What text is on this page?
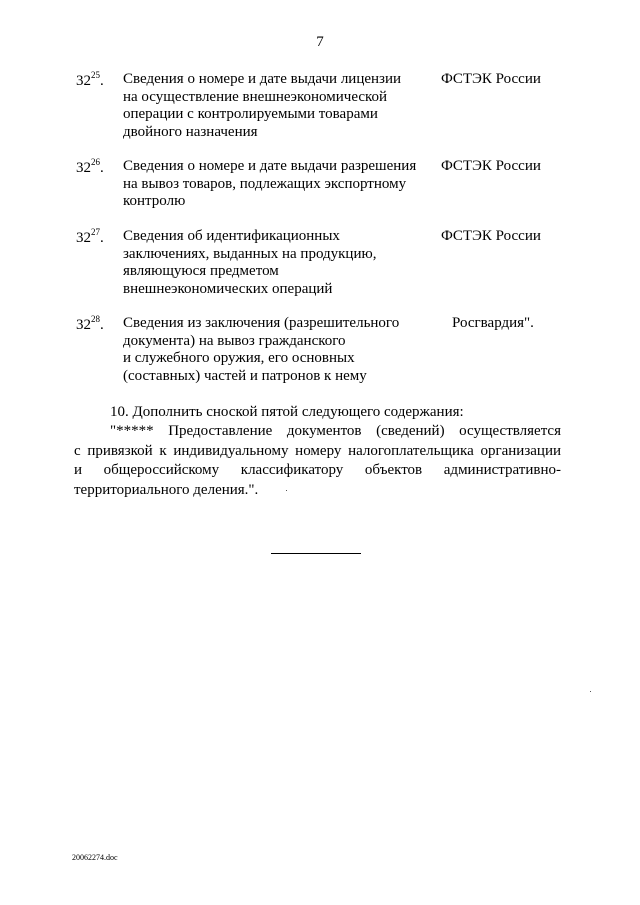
7
$32^{25}$. Сведения о номере и дате выдачи лицензии
на осуществление внешнеэкономической
операции с контролируемыми товарами
двойного назначения
ФСТЭК России
$32^{26}$. Сведения о номере и дате выдачи разрешения
на вывоз товаров, подлежащих экспортному
контролю
ФСТЭК России
$32^{27}$. Сведения об идентификационных
заключениях, выданных на продукцию,
являющуюся предметом
внешнеэкономических операций
ФСТЭК России
$32^{28}$. Сведения из заключения (разрешительного
документа) на вывоз гражданского
и служебного оружия, его основных
(составных) частей и патронов к нему
Росгвардия".
10. Дополнить сноской пятой следующего содержания:
"***** Предоставление документов (сведений) осуществляется
с привязкой к индивидуальному номеру налогоплательщика организации
и общероссийскому классификатору объектов административно-
территориального деления.".
20062274.doc
